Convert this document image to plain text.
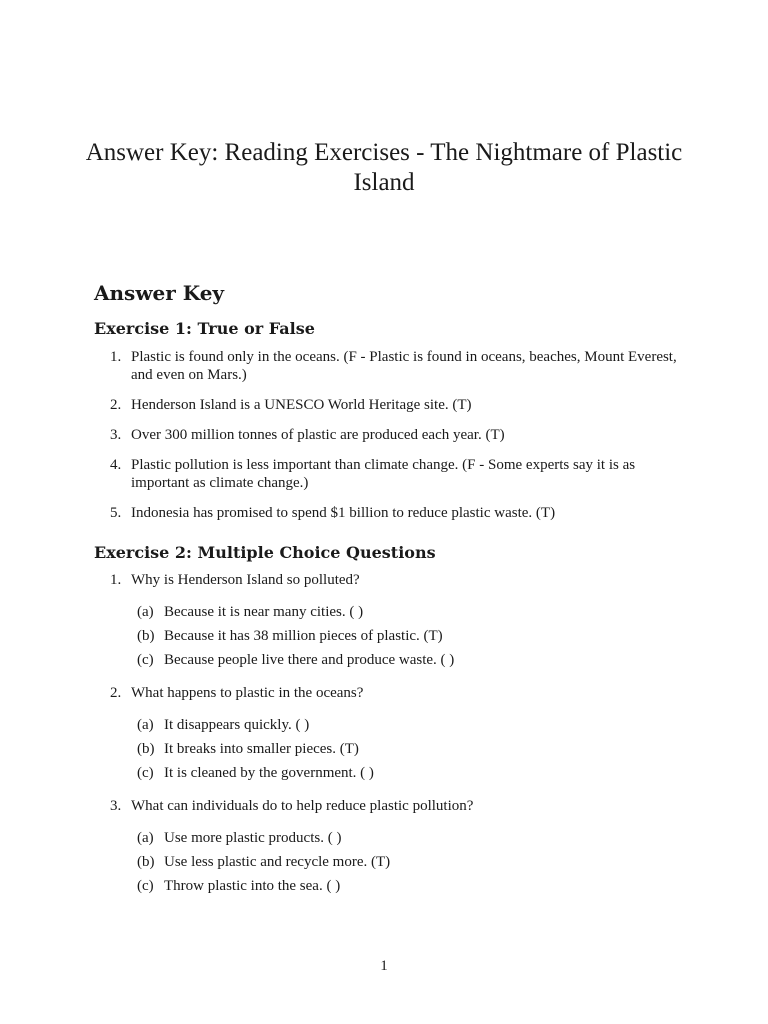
Answer Key: Reading Exercises - The Nightmare of Plastic Island
Answer Key
Exercise 1: True or False
1. Plastic is found only in the oceans. (F - Plastic is found in oceans, beaches, Mount Everest, and even on Mars.)
2. Henderson Island is a UNESCO World Heritage site. (T)
3. Over 300 million tonnes of plastic are produced each year. (T)
4. Plastic pollution is less important than climate change. (F - Some experts say it is as important as climate change.)
5. Indonesia has promised to spend $1 billion to reduce plastic waste. (T)
Exercise 2: Multiple Choice Questions
1. Why is Henderson Island so polluted?
(a) Because it is near many cities. ( )
(b) Because it has 38 million pieces of plastic. (T)
(c) Because people live there and produce waste. ( )
2. What happens to plastic in the oceans?
(a) It disappears quickly. ( )
(b) It breaks into smaller pieces. (T)
(c) It is cleaned by the government. ( )
3. What can individuals do to help reduce plastic pollution?
(a) Use more plastic products. ( )
(b) Use less plastic and recycle more. (T)
(c) Throw plastic into the sea. ( )
1
